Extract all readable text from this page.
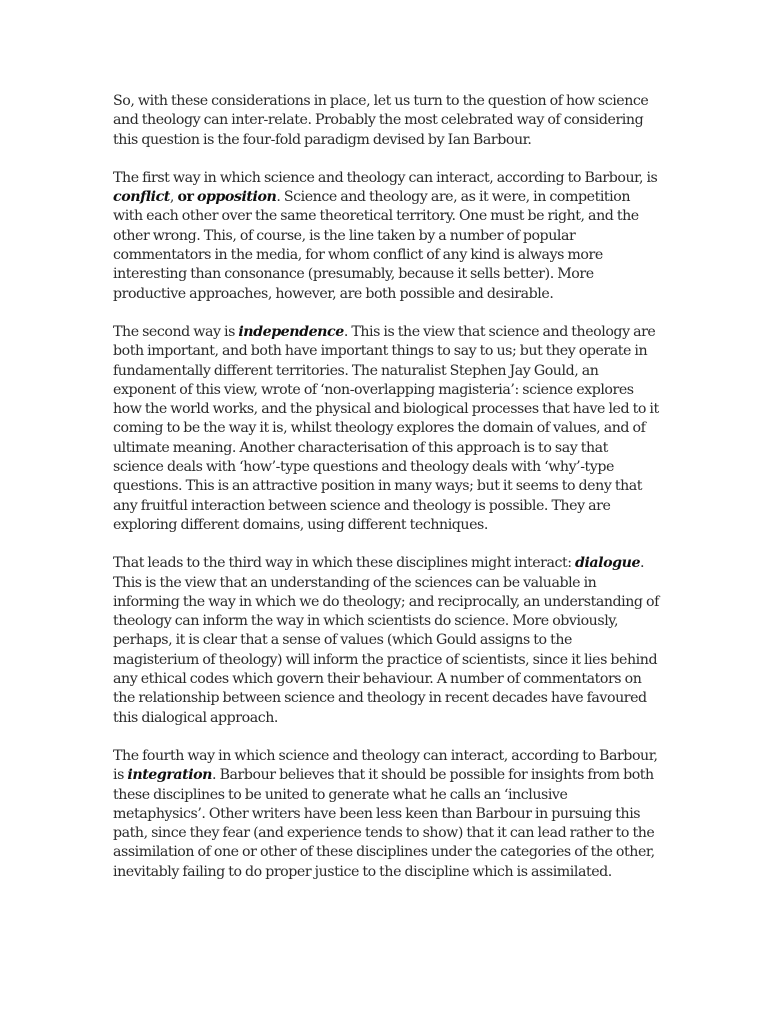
So, with these considerations in place, let us turn to the question of how science and theology can inter-relate. Probably the most celebrated way of considering this question is the four-fold paradigm devised by Ian Barbour.

The first way in which science and theology can interact, according to Barbour, is conflict, or opposition. Science and theology are, as it were, in competition with each other over the same theoretical territory. One must be right, and the other wrong. This, of course, is the line taken by a number of popular commentators in the media, for whom conflict of any kind is always more interesting than consonance (presumably, because it sells better). More productive approaches, however, are both possible and desirable.

The second way is independence. This is the view that science and theology are both important, and both have important things to say to us; but they operate in fundamentally different territories. The naturalist Stephen Jay Gould, an exponent of this view, wrote of ‘non-overlapping magisteria’: science explores how the world works, and the physical and biological processes that have led to it coming to be the way it is, whilst theology explores the domain of values, and of ultimate meaning. Another characterisation of this approach is to say that science deals with ‘how’-type questions and theology deals with ‘why’-type questions. This is an attractive position in many ways; but it seems to deny that any fruitful interaction between science and theology is possible. They are exploring different domains, using different techniques.

That leads to the third way in which these disciplines might interact: dialogue. This is the view that an understanding of the sciences can be valuable in informing the way in which we do theology; and reciprocally, an understanding of theology can inform the way in which scientists do science. More obviously, perhaps, it is clear that a sense of values (which Gould assigns to the magisterium of theology) will inform the practice of scientists, since it lies behind any ethical codes which govern their behaviour. A number of commentators on the relationship between science and theology in recent decades have favoured this dialogical approach.

The fourth way in which science and theology can interact, according to Barbour, is integration. Barbour believes that it should be possible for insights from both these disciplines to be united to generate what he calls an ‘inclusive metaphysics’. Other writers have been less keen than Barbour in pursuing this path, since they fear (and experience tends to show) that it can lead rather to the assimilation of one or other of these disciplines under the categories of the other, inevitably failing to do proper justice to the discipline which is assimilated.
